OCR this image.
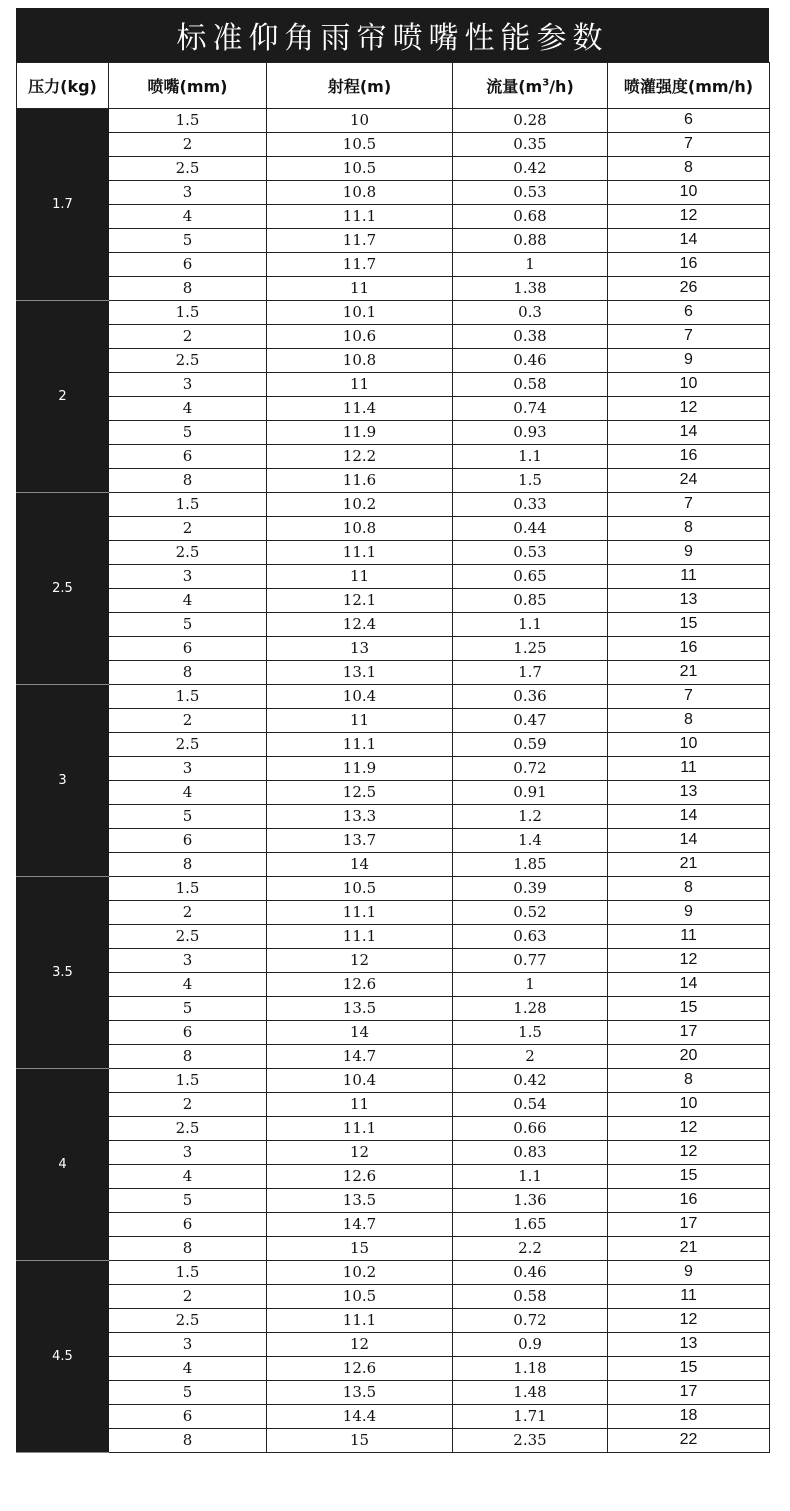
标准仰角雨帘喷嘴性能参数
压力(kg)	喷嘴(mm)	射程(m)	流量$(m^3/h)$	喷灌强度(mm/h)
1.7	1.5	10	0.28	6
	2	10.5	0.35	7
	2.5	10.5	0.42	8
	3	10.8	0.53	10
	4	11.1	0.68	12
	5	11.7	0.88	14
	6	11.7	1	16
	8	11	1.38	26
2	1.5	10.1	0.3	6
	2	10.6	0.38	7
	2.5	10.8	0.46	9
	3	11	0.58	10
	4	11.4	0.74	12
	5	11.9	0.93	14
	6	12.2	1.1	16
	8	11.6	1.5	24
2.5	1.5	10.2	0.33	7
	2	10.8	0.44	8
	2.5	11.1	0.53	9
	3	11	0.65	11
	4	12.1	0.85	13
	5	12.4	1.1	15
	6	13	1.25	16
	8	13.1	1.7	21
3	1.5	10.4	0.36	7
	2	11	0.47	8
	2.5	11.1	0.59	10
	3	11.9	0.72	11
	4	12.5	0.91	13
	5	13.3	1.2	14
	6	13.7	1.4	14
	8	14	1.85	21
3.5	1.5	10.5	0.39	8
	2	11.1	0.52	9
	2.5	11.1	0.63	11
	3	12	0.77	12
	4	12.6	1	14
	5	13.5	1.28	15
	6	14	1.5	17
	8	14.7	2	20
4	1.5	10.4	0.42	8
	2	11	0.54	10
	2.5	11.1	0.66	12
	3	12	0.83	12
	4	12.6	1.1	15
	5	13.5	1.36	16
	6	14.7	1.65	17
	8	15	2.2	21
4.5	1.5	10.2	0.46	9
	2	10.5	0.58	11
	2.5	11.1	0.72	12
	3	12	0.9	13
	4	12.6	1.18	15
	5	13.5	1.48	17
	6	14.4	1.71	18
	8	15	2.35	22
